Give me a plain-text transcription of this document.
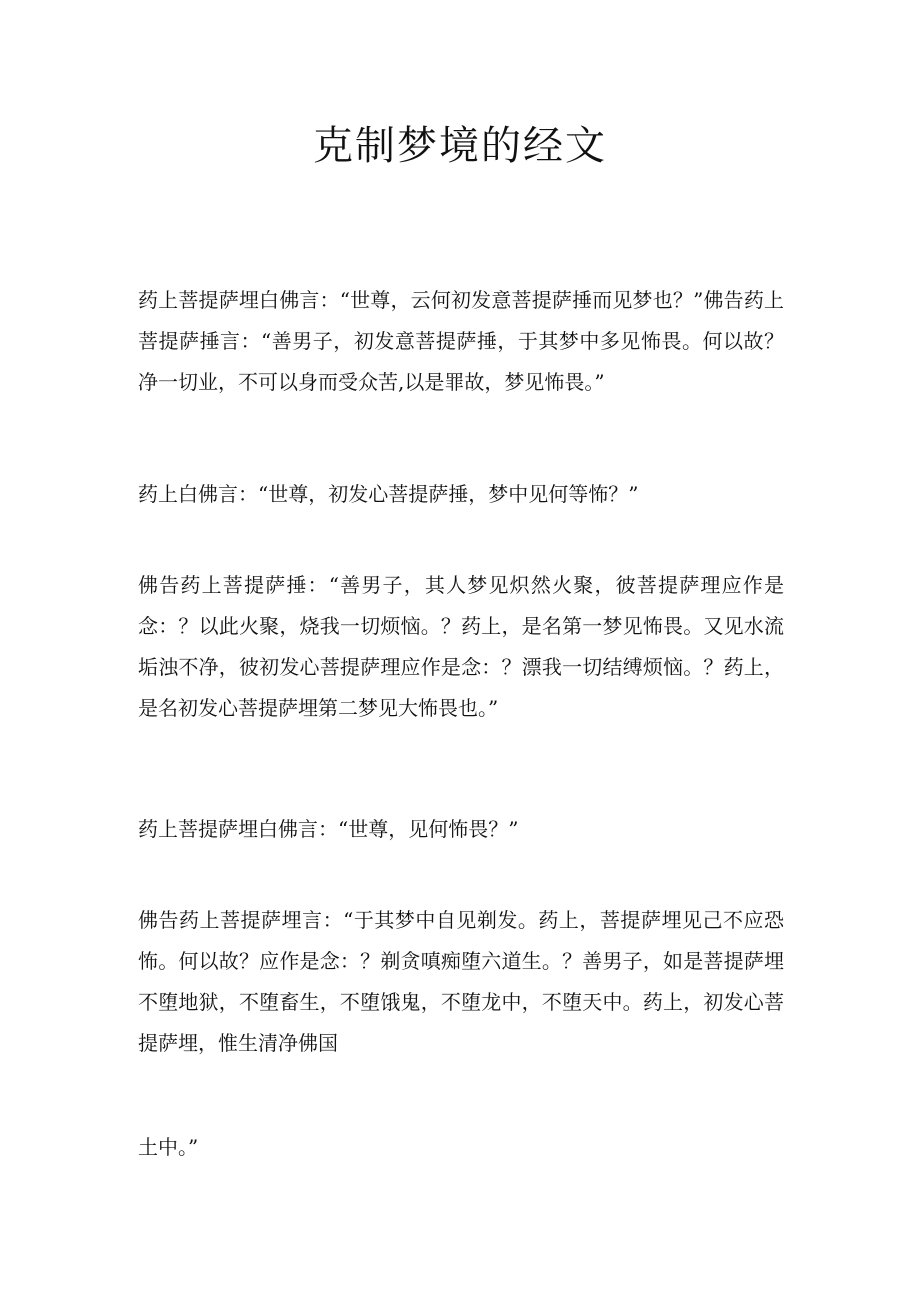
克制梦境的经文

药上菩提萨埋白佛言：“世尊，云何初发意菩提萨捶而见梦也？”佛告药上菩提萨捶言：“善男子，初发意菩提萨捶，于其梦中多见怖畏。何以故？净一切业，不可以身而受众苦,以是罪故，梦见怖畏。”

药上白佛言：“世尊，初发心菩提萨捶，梦中见何等怖？”

佛告药上菩提萨捶：“善男子，其人梦见炽然火聚，彼菩提萨理应作是念：？以此火聚，烧我一切烦恼。？药上，是名第一梦见怖畏。又见水流垢浊不净，彼初发心菩提萨理应作是念：？漂我一切结缚烦恼。？药上，是名初发心菩提萨埋第二梦见大怖畏也。”

药上菩提萨埋白佛言：“世尊，见何怖畏？”

佛告药上菩提萨埋言：“于其梦中自见剃发。药上，菩提萨埋见己不应恐怖。何以故？应作是念：？剃贪嗔痴堕六道生。？善男子，如是菩提萨埋不堕地狱，不堕畜生，不堕饿鬼，不堕龙中，不堕天中。药上，初发心菩提萨埋，惟生清净佛国

土中。”
